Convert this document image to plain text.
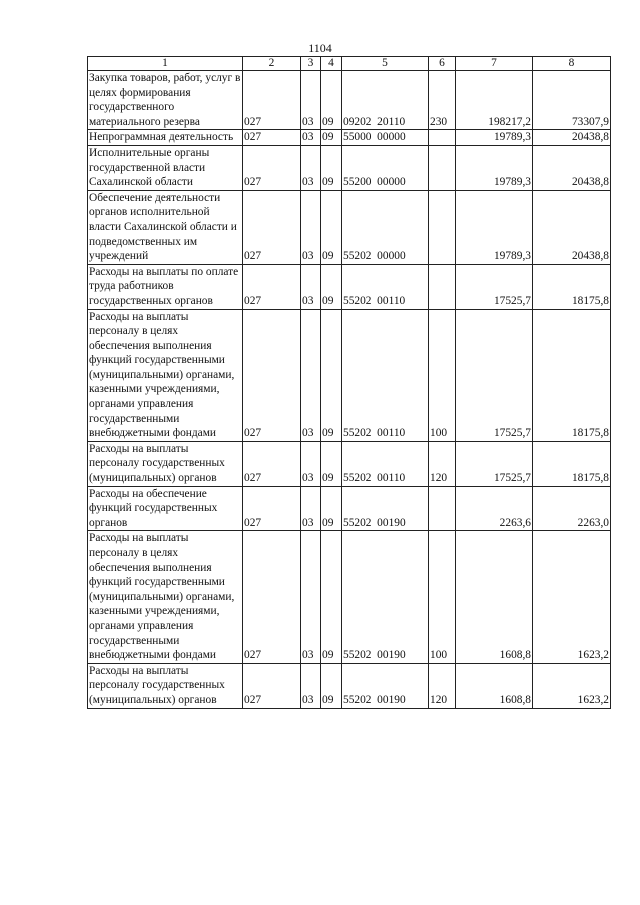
1104
1	2	3	4	5	6	7	8
Закупка товаров, работ, услуг в целях формирования государственного материального резерва	027	03	09	09202  20110	230	198217,2	73307,9
Непрограммная деятельность	027	03	09	55000  00000		19789,3	20438,8
Исполнительные органы государственной власти Сахалинской области	027	03	09	55200  00000		19789,3	20438,8
Обеспечение деятельности органов исполнительной власти Сахалинской области и подведомственных им учреждений	027	03	09	55202  00000		19789,3	20438,8
Расходы на выплаты по оплате труда работников государственных органов	027	03	09	55202  00110		17525,7	18175,8
Расходы на выплаты персоналу в целях обеспечения выполнения функций государственными (муниципальными) органами, казенными учреждениями, органами управления государственными внебюджетными фондами	027	03	09	55202  00110	100	17525,7	18175,8
Расходы на выплаты персоналу государственных (муниципальных) органов	027	03	09	55202  00110	120	17525,7	18175,8
Расходы на обеспечение функций государственных органов	027	03	09	55202  00190		2263,6	2263,0
Расходы на выплаты персоналу в целях обеспечения выполнения функций государственными (муниципальными) органами, казенными учреждениями, органами управления государственными внебюджетными фондами	027	03	09	55202  00190	100	1608,8	1623,2
Расходы на выплаты персоналу государственных (муниципальных) органов	027	03	09	55202  00190	120	1608,8	1623,2
